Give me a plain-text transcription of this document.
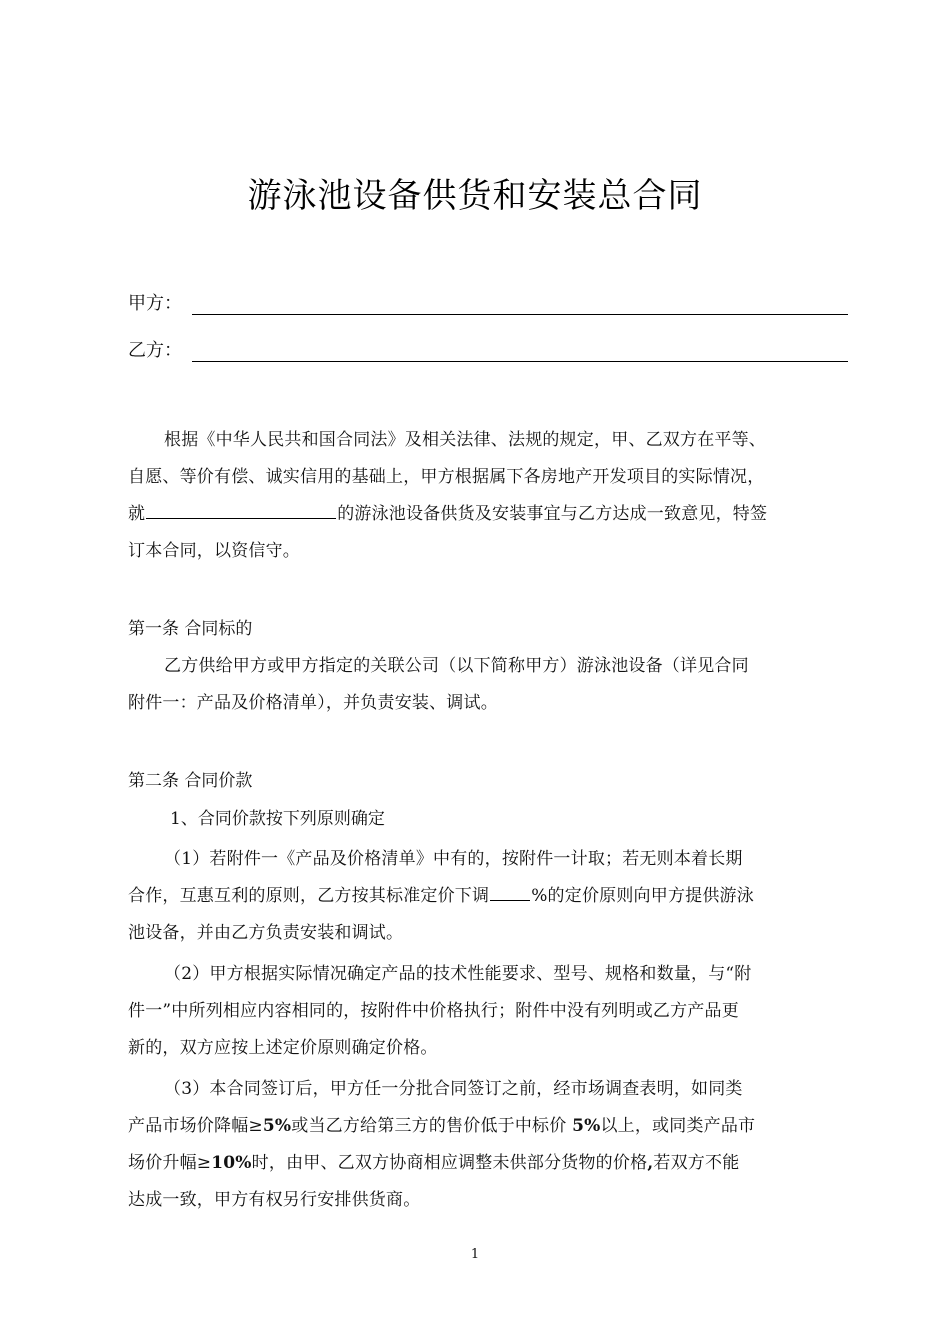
游泳池设备供货和安装总合同
甲方：
乙方：
根据《中华人民共和国合同法》及相关法律、法规的规定，甲、乙双方在平等、
自愿、等价有偿、诚实信用的基础上，甲方根据属下各房地产开发项目的实际情况，
就	的游泳池设备供货及安装事宜与乙方达成一致意见，特签
订本合同，以资信守。
第一条 合同标的
乙方供给甲方或甲方指定的关联公司（以下简称甲方）游泳池设备（详见合同
附件一：产品及价格清单），并负责安装、调试。
第二条 合同价款
1、合同价款按下列原则确定
（1）若附件一《产品及价格清单》中有的，按附件一计取；若无则本着长期
合作，互惠互利的原则，乙方按其标准定价下调 %的定价原则向甲方提供游泳
池设备，并由乙方负责安装和调试。
（2）甲方根据实际情况确定产品的技术性能要求、型号、规格和数量，与“附
件一”中所列相应内容相同的，按附件中价格执行；附件中没有列明或乙方产品更
新的，双方应按上述定价原则确定价格。
（3）本合同签订后，甲方任一分批合同签订之前，经市场调查表明，如同类
产品市场价降幅≥5%或当乙方给第三方的售价低于中标价 5%以上，或同类产品市
场价升幅≥10%时，由甲、乙双方协商相应调整未供部分货物的价格,若双方不能
达成一致，甲方有权另行安排供货商。
1
